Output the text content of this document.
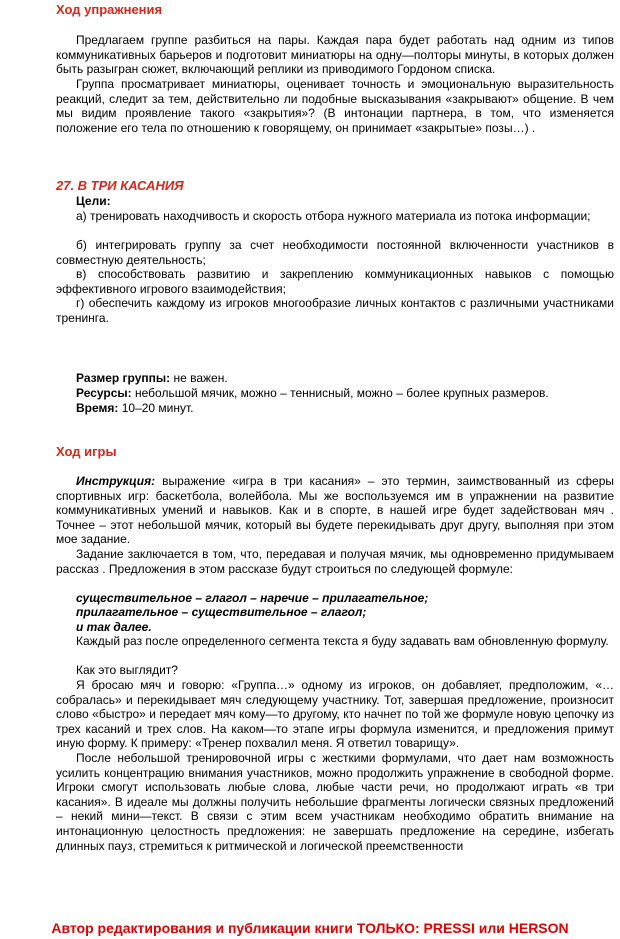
Ход упражнения

Предлагаем группе разбиться на пары. Каждая пара будет работать над одним из типов коммуникативных барьеров и подготовит миниатюры на одну—полторы минуты, в которых должен быть разыгран сюжет, включающий реплики из приводимого Гордоном списка.

Группа просматривает миниатюры, оценивает точность и эмоциональную выразительность реакций, следит за тем, действительно ли подобные высказывания «закрывают» общение. В чем мы видим проявление такого «закрытия»? (В интонации партнера, в том, что изменяется положение его тела по отношению к говорящему, он принимает «закрытые» позы…) .

27. В ТРИ КАСАНИЯ

Цели:

а) тренировать находчивость и скорость отбора нужного материала из потока информации;

б) интегрировать группу за счет необходимости постоянной включенности участников в совместную деятельность;

в) способствовать развитию и закреплению коммуникационных навыков с помощью эффективного игрового взаимодействия;

г) обеспечить каждому из игроков многообразие личных контактов с различными участниками тренинга.

Размер группы: не важен.

Ресурсы: небольшой мячик, можно – теннисный, можно – более крупных размеров.

Время: 10–20 минут.

Ход игры

Инструкция: выражение «игра в три касания» – это термин, заимствованный из сферы спортивных игр: баскетбола, волейбола. Мы же воспользуемся им в упражнении на развитие коммуникативных умений и навыков. Как и в спорте, в нашей игре будет задействован мяч . Точнее – этот небольшой мячик, который вы будете перекидывать друг другу, выполняя при этом мое задание.

Задание заключается в том, что, передавая и получая мячик, мы одновременно придумываем рассказ . Предложения в этом рассказе будут строиться по следующей формуле:

существительное – глагол – наречие – прилагательное;

прилагательное – существительное – глагол;

и так далее.

Каждый раз после определенного сегмента текста я буду задавать вам обновленную формулу.

Как это выглядит?

Я бросаю мяч и говорю: «Группа…» одному из игроков, он добавляет, предположим, «…собралась» и перекидывает мяч следующему участнику. Тот, завершая предложение, произносит слово «быстро» и передает мяч кому—то другому, кто начнет по той же формуле новую цепочку из трех касаний и трех слов. На каком—то этапе игры формула изменится, и предложения примут иную форму. К примеру: «Тренер похвалил меня. Я ответил товарищу».

После небольшой тренировочной игры с жесткими формулами, что дает нам возможность усилить концентрацию внимания участников, можно продолжить упражнение в свободной форме. Игроки смогут использовать любые слова, любые части речи, но продолжают играть «в три касания». В идеале мы должны получить небольшие фрагменты логически связных предложений – некий мини—текст. В связи с этим всем участникам необходимо обратить внимание на интонационную целостность предложения: не завершать предложение на середине, избегать длинных пауз, стремиться к ритмической и логической преемственности

Автор редактирования и публикации книги ТОЛЬКО: PRESSI или HERSON
